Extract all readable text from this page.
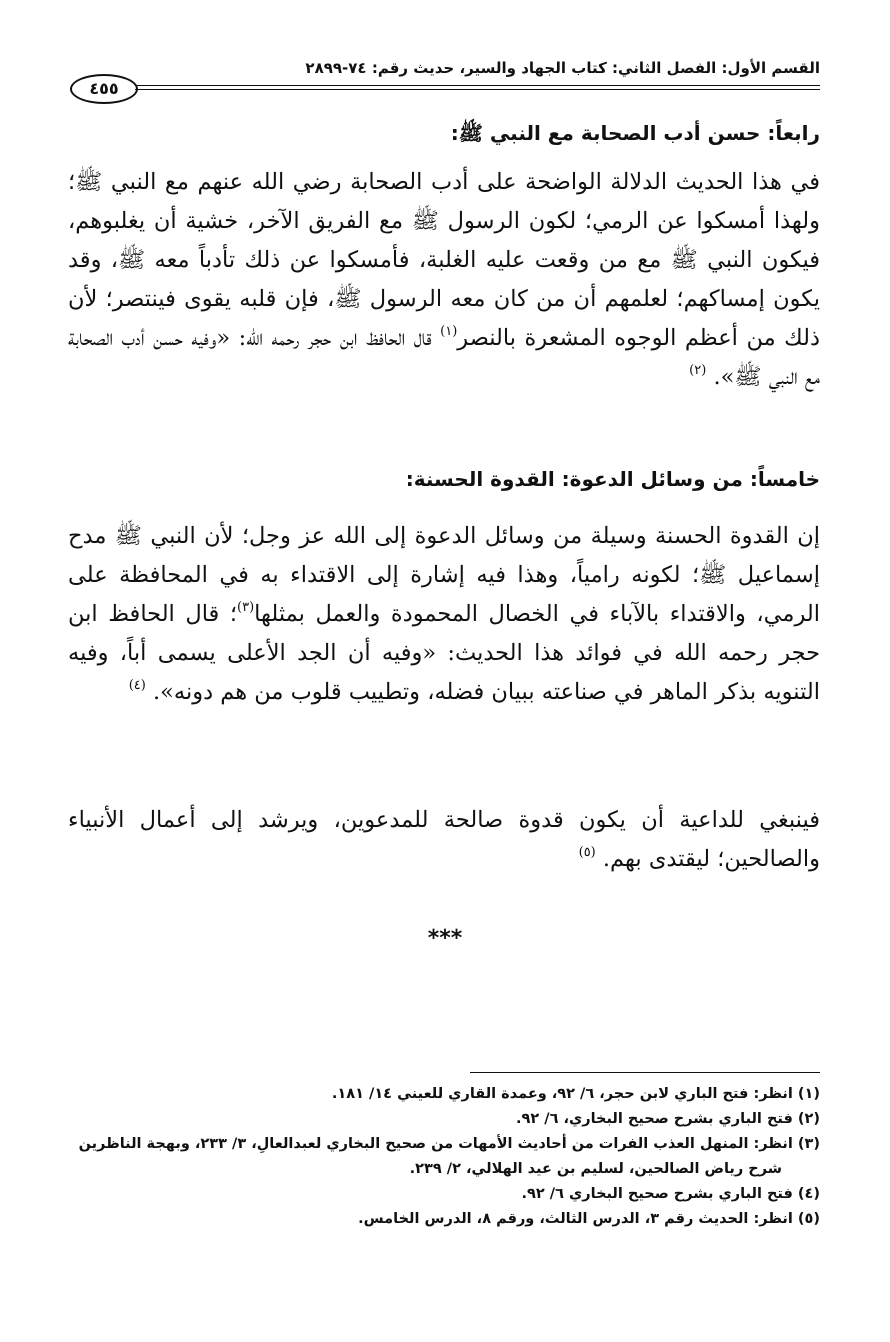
القسم الأول: الفصل الثاني: كتاب الجهاد والسير، حديث رقم: ٧٤-٢٨٩٩
٤٥٥
رابعاً: حسن أدب الصحابة مع النبي ﷺ:
في هذا الحديث الدلالة الواضحة على أدب الصحابة رضي الله عنهم مع النبي ﷺ؛ ولهذا أمسكوا عن الرمي؛ لكون الرسول ﷺ مع الفريق الآخر، خشية أن يغلبوهم، فيكون النبي ﷺ مع من وقعت عليه الغلبة، فأمسكوا عن ذلك تأدباً معه ﷺ، وقد يكون إمساكهم؛ لعلمهم أن من كان معه الرسول ﷺ، فإن قلبه يقوى فينتصر؛ لأن ذلك من أعظم الوجوه المشعرة بالنصر$^{(١)}$ قال الحافظ ابن حجر رحمه الله: «وفيه حسن أدب الصحابة مع النبي ﷺ». $^{(٢)}$
خامساً: من وسائل الدعوة: القدوة الحسنة:
إن القدوة الحسنة وسيلة من وسائل الدعوة إلى الله عز وجل؛ لأن النبي ﷺ مدح إسماعيل ﷺ؛ لكونه رامياً، وهذا فيه إشارة إلى الاقتداء به في المحافظة على الرمي، والاقتداء بالآباء في الخصال المحمودة والعمل بمثلها$^{(٣)}$؛ قال الحافظ ابن حجر رحمه الله في فوائد هذا الحديث: «وفيه أن الجد الأعلى يسمى أباً، وفيه التنويه بذكر الماهر في صناعته ببيان فضله، وتطييب قلوب من هم دونه». $^{(٤)}$
فينبغي للداعية أن يكون قدوة صالحة للمدعوين، ويرشد إلى أعمال الأنبياء والصالحين؛ ليقتدى بهم. $^{(٥)}$
***
(١) انظر: فتح الباري لابن حجر، ٦/ ٩٢، وعمدة القاري للعيني ١٤/ ١٨١.
(٢) فتح الباري بشرح صحيح البخاري، ٦/ ٩٢.
(٣) انظر: المنهل العذب الفرات من أحاديث الأمهات من صحيح البخاري لعبدالعالِ، ٣/ ٢٣٣، وبهجة الناظرين شرح رياض الصالحين، لسليم بن عيد الهلالي، ٢/ ٢٣٩.
(٤) فتح الباري بشرح صحيح البخاري ٦/ ٩٢.
(٥) انظر: الحديث رقم ٣، الدرس الثالث، ورقم ٨، الدرس الخامس.
